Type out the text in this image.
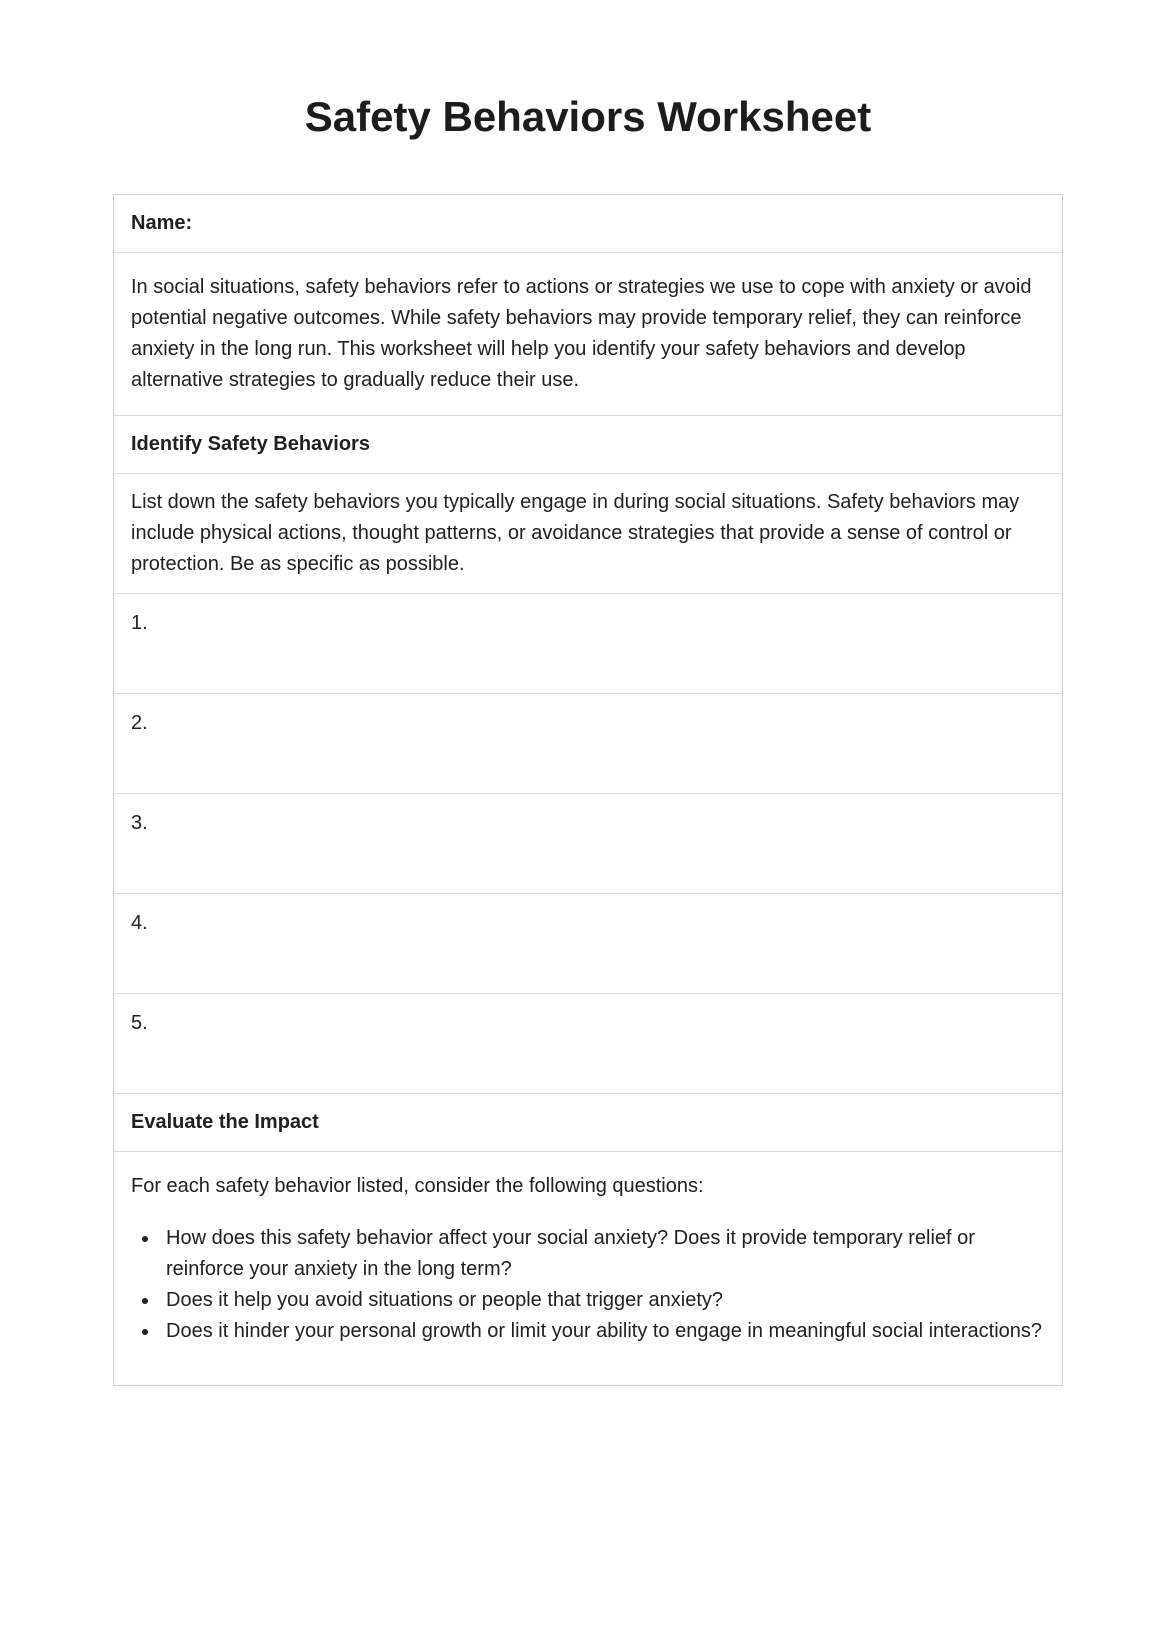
Safety Behaviors Worksheet
Name:
In social situations, safety behaviors refer to actions or strategies we use to cope with anxiety or avoid potential negative outcomes. While safety behaviors may provide temporary relief, they can reinforce anxiety in the long run. This worksheet will help you identify your safety behaviors and develop alternative strategies to gradually reduce their use.
Identify Safety Behaviors
List down the safety behaviors you typically engage in during social situations. Safety behaviors may include physical actions, thought patterns, or avoidance strategies that provide a sense of control or protection. Be as specific as possible.
1.
2.
3.
4.
5.
Evaluate the Impact

For each safety behavior listed, consider the following questions:

• How does this safety behavior affect your social anxiety? Does it provide temporary relief or reinforce your anxiety in the long term?
• Does it help you avoid situations or people that trigger anxiety?
• Does it hinder your personal growth or limit your ability to engage in meaningful social interactions?
